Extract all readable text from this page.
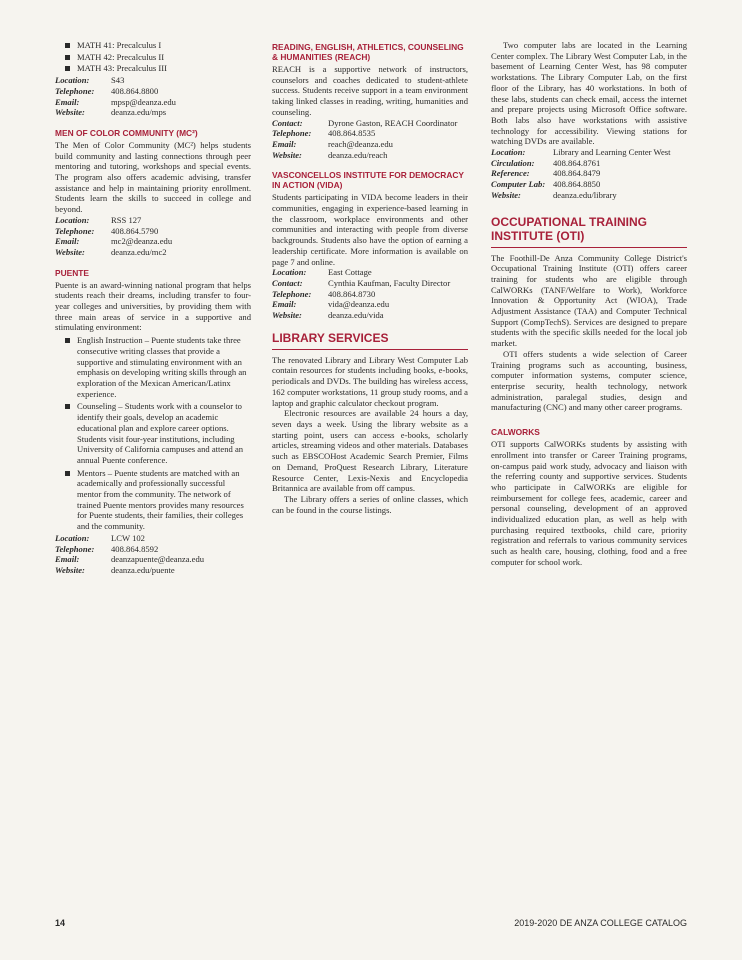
MATH 41: Precalculus I
MATH 42: Precalculus II
MATH 43: Precalculus III
Location:	S43
Telephone:	408.864.8800
Email:	mpsp@deanza.edu
Website:	deanza.edu/mps
MEN OF COLOR COMMUNITY (MC²)

The Men of Color Community (MC²) helps students build community and lasting connections through peer mentoring and tutoring, workshops and special events. The program also offers academic advising, transfer assistance and help in maintaining priority enrollment. Students learn the skills to succeed in college and beyond.

Location:	RSS 127
Telephone:	408.864.5790
Email:	mc2@deanza.edu
Website:	deanza.edu/mc2
PUENTE

Puente is an award-winning national program that helps students reach their dreams, including transfer to four-year colleges and universities, by providing them with three main areas of service in a supportive and stimulating environment:

English Instruction – Puente students take three consecutive writing classes that provide a supportive and stimulating environment with an emphasis on developing writing skills through an exploration of the Mexican American/Latinx experience.
Counseling – Students work with a counselor to identify their goals, develop an academic educational plan and explore career options. Students visit four-year institutions, including University of California campuses and attend an annual Puente conference.
Mentors – Puente students are matched with an academically and professionally successful mentor from the community. The network of trained Puente mentors provides many resources for Puente students, their families, their colleges and the community.
Location:	LCW 102
Telephone:	408.864.8592
Email:	deanzapuente@deanza.edu
Website:	deanza.edu/puente
READING, ENGLISH, ATHLETICS, COUNSELING & HUMANITIES (REACH)

REACH is a supportive network of instructors, counselors and coaches dedicated to student-athlete success. Students receive support in a team environment taking linked classes in reading, writing, humanities and counseling.

Contact:	Dyrone Gaston, REACH Coordinator
Telephone:	408.864.8535
Email:	reach@deanza.edu
Website:	deanza.edu/reach
VASCONCELLOS INSTITUTE FOR DEMOCRACY IN ACTION (VIDA)

Students participating in VIDA become leaders in their communities, engaging in experience-based learning in the classroom, workplace environments and other communities and interacting with people from diverse backgrounds. Students also have the option of earning a leadership certificate. More information is available on page 7 and online.

Location:	East Cottage
Contact:	Cynthia Kaufman, Faculty Director
Telephone:	408.864.8730
Email:	vida@deanza.edu
Website:	deanza.edu/vida
LIBRARY SERVICES

The renovated Library and Library West Computer Lab contain resources for students including books, e-books, periodicals and DVDs. The building has wireless access, 162 computer workstations, 11 group study rooms, and a laptop and graphic calculator checkout program.

Electronic resources are available 24 hours a day, seven days a week. Using the library website as a starting point, users can access e-books, scholarly articles, streaming videos and other materials. Databases such as EBSCOHost Academic Search Premier, Films on Demand, ProQuest Research Library, Literature Resource Center, Lexis-Nexis and Encyclopedia Britannica are available from off campus.

The Library offers a series of online classes, which can be found in the course listings.

Two computer labs are located in the Learning Center complex. The Library West Computer Lab, in the basement of Learning Center West, has 98 computer workstations. The Library Computer Lab, on the first floor of the Library, has 40 workstations. In both of these labs, students can check email, access the internet and prepare projects using Microsoft Office software. Both labs also have workstations with assistive technology for accessibility. Viewing stations for watching DVDs are available.

Location:	Library and Learning Center West
Circulation:	408.864.8761
Reference:	408.864.8479
Computer Lab: 408.864.8850
Website:	deanza.edu/library
OCCUPATIONAL TRAINING INSTITUTE (OTI)

The Foothill-De Anza Community College District's Occupational Training Institute (OTI) offers career training for students who are eligible through CalWORKs (TANF/Welfare to Work), Workforce Innovation & Opportunity Act (WIOA), Trade Adjustment Assistance (TAA) and Computer Technical Support (CompTechS). Services are designed to prepare students with the specific skills needed for the local job market.

OTI offers students a wide selection of Career Training programs such as accounting, business, computer information systems, computer science, enterprise security, health technology, network administration, paralegal studies, design and manufacturing (CNC) and many other career programs.

CALWORKS

OTI supports CalWORKs students by assisting with enrollment into transfer or Career Training programs, on-campus paid work study, advocacy and liaison with the referring county and supportive services. Students who participate in CalWORKs are eligible for reimbursement for college fees, academic, career and personal counseling, development of an approved individualized education plan, as well as help with purchasing required textbooks, child care, priority registration and referrals to various community services such as health care, housing, clothing, food and a free computer for school work.

14	2019-2020 DE ANZA COLLEGE CATALOG
